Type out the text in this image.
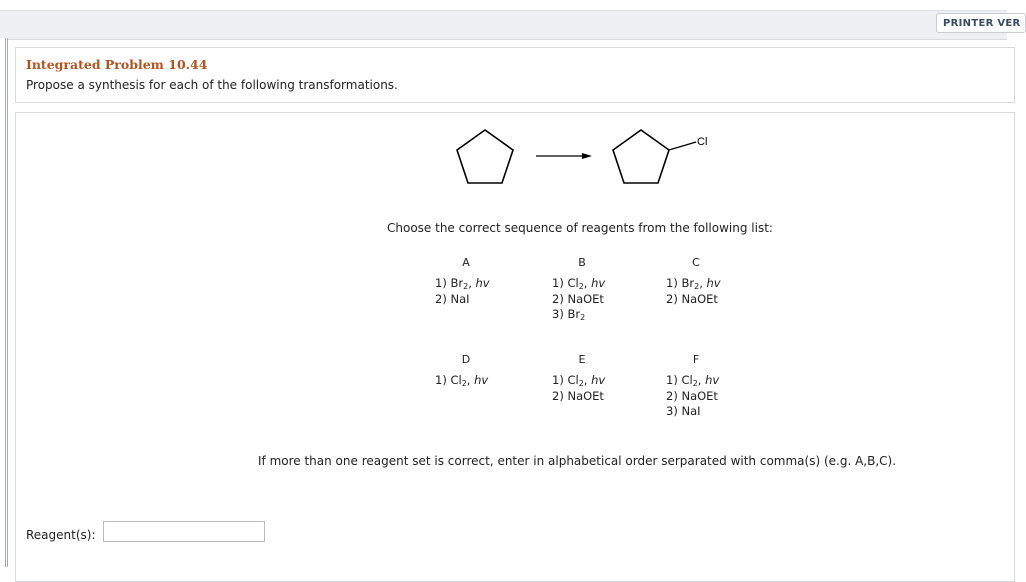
PRINTER VER
Integrated Problem 10.44
Propose a synthesis for each of the following transformations.
Cl
Choose the correct sequence of reagents from the following list:
A
1) $Br_2$, hv
2) NaI
B
1) $Cl_2$, hv
2) NaOEt
3) $Br_2$
C
1) $Br_2$, hv
2) NaOEt
D
1) $Cl_2$, hv
E
1) $Cl_2$, hv
2) NaOEt
F
1) $Cl_2$, hv
2) NaOEt
3) NaI
If more than one reagent set is correct, enter in alphabetical order serparated with comma(s) (e.g. A,B,C).
Reagent(s):
